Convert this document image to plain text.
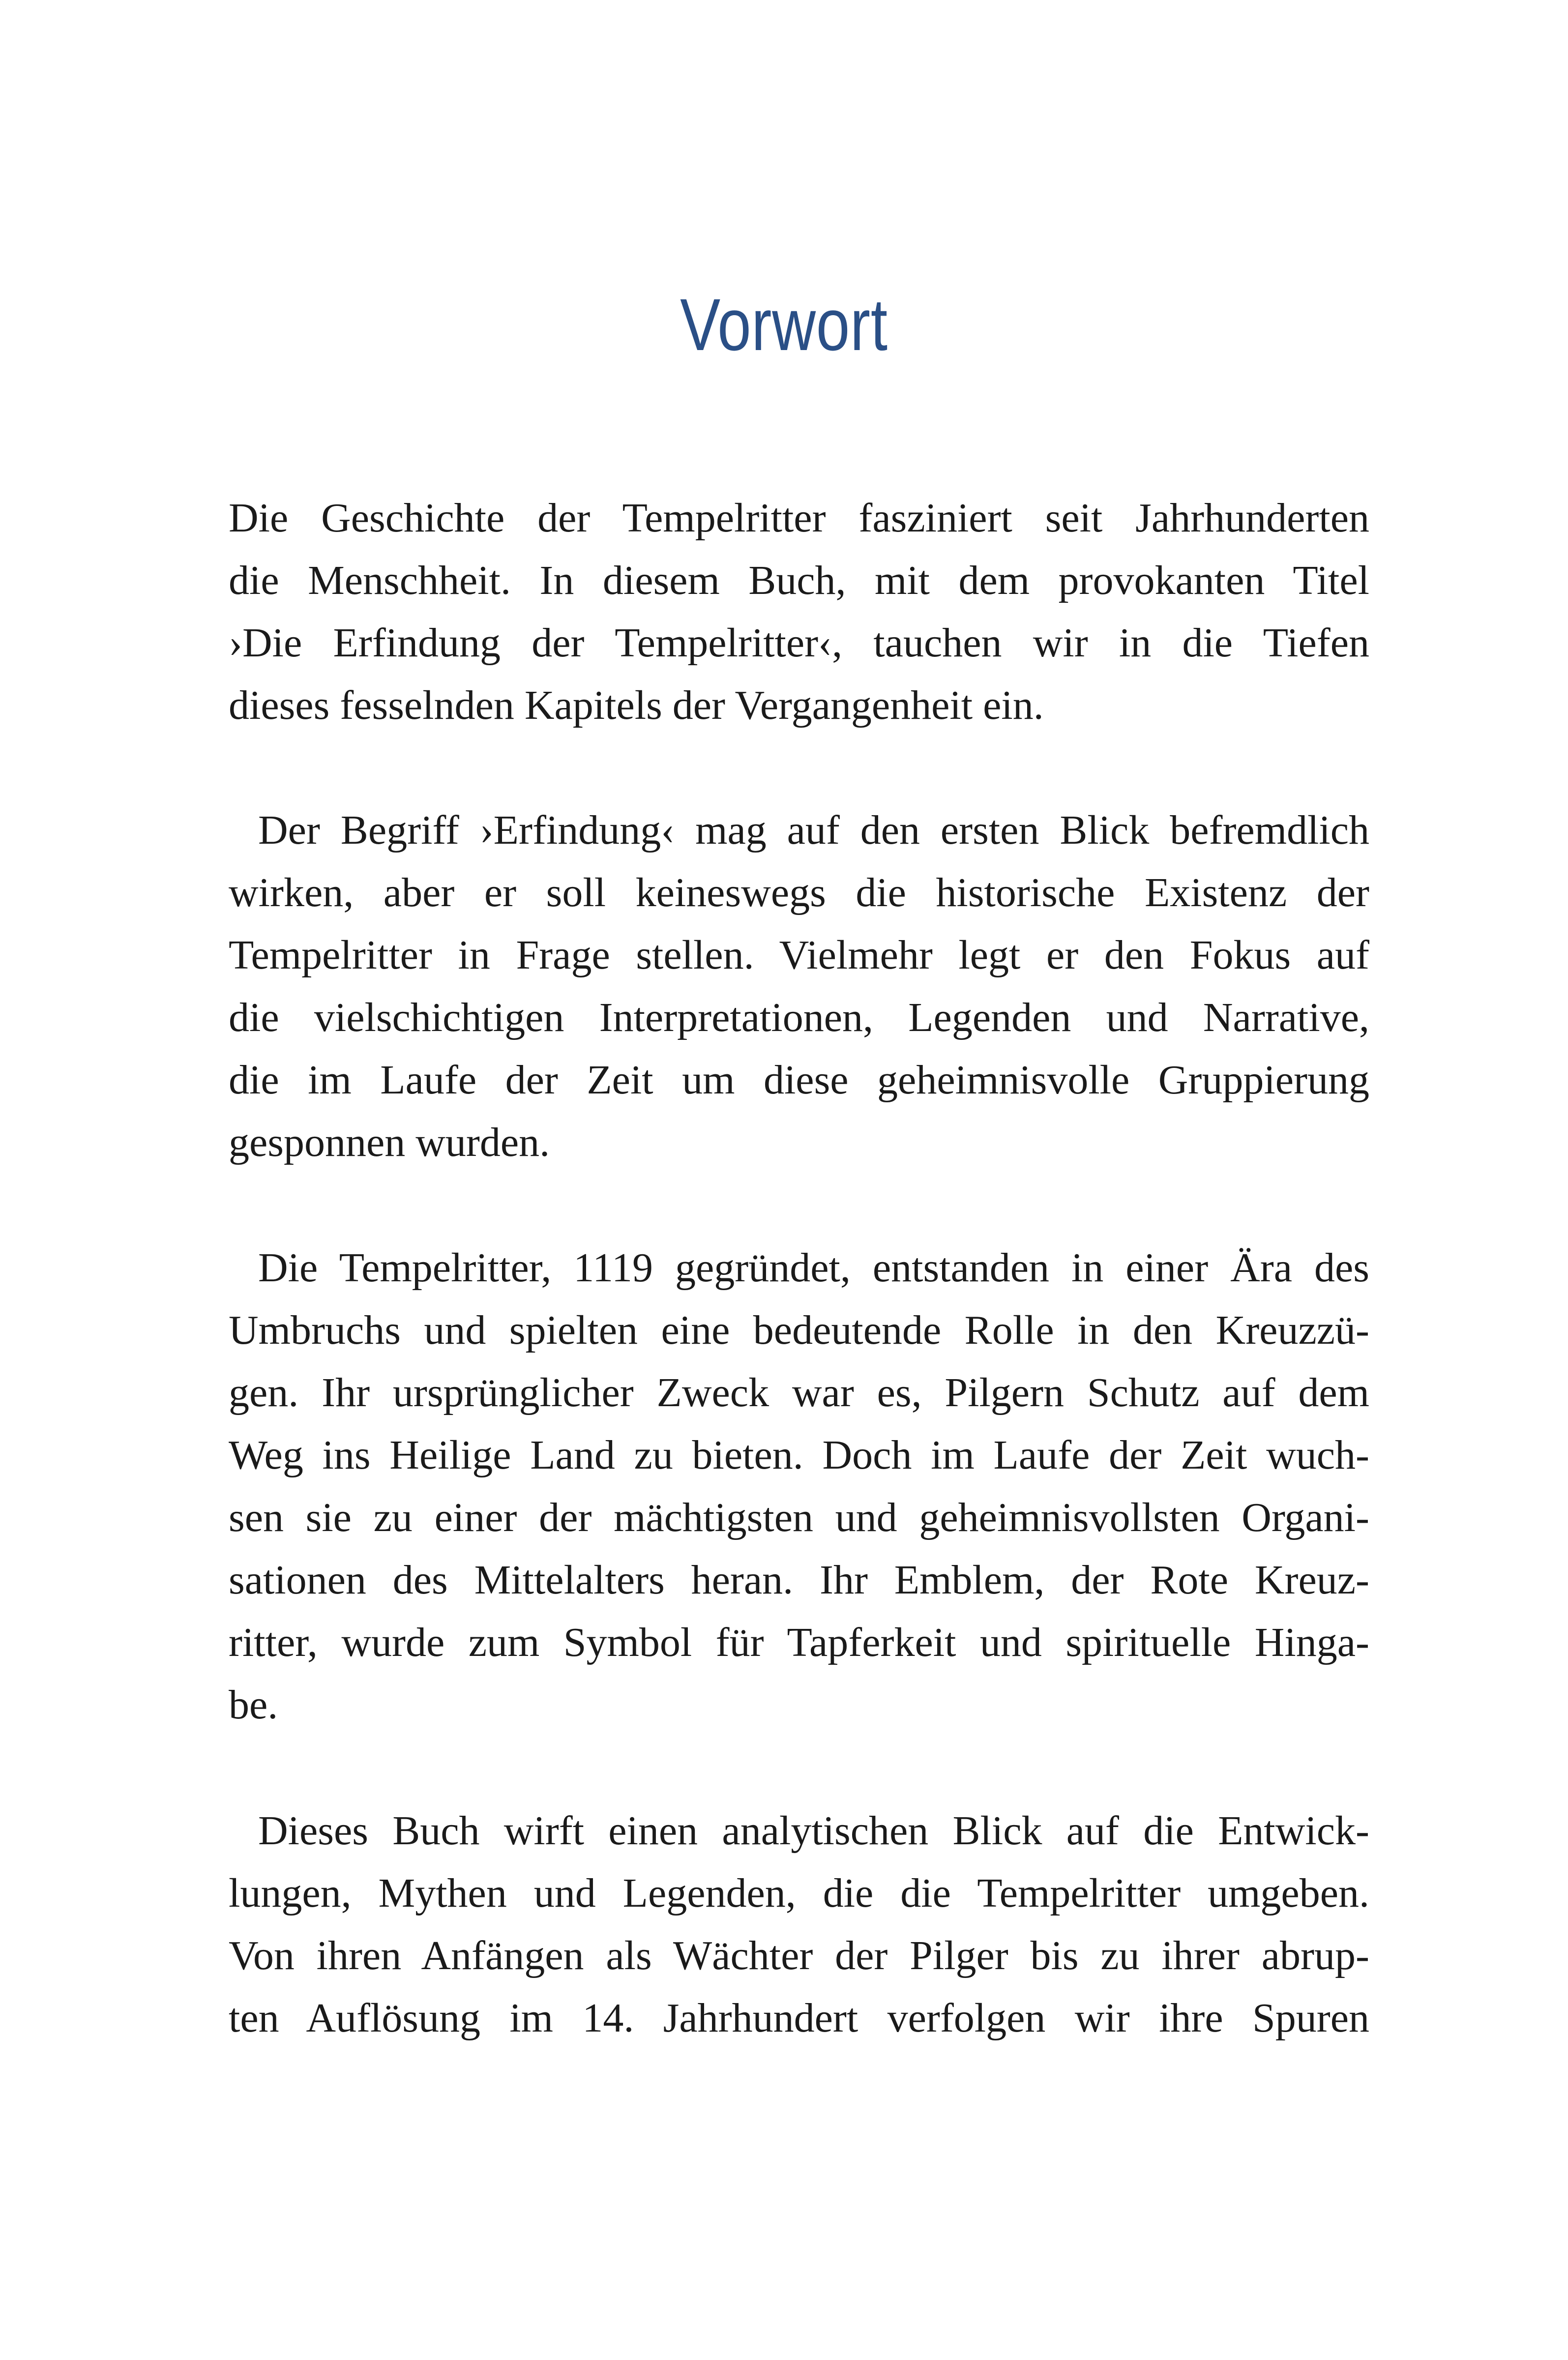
Vorwort
Die Geschichte der Tempelritter fasziniert seit Jahrhunderten
die Menschheit. In diesem Buch, mit dem provokanten Titel
›Die Erfindung der Tempelritter‹, tauchen wir in die Tiefen
dieses fesselnden Kapitels der Vergangenheit ein.
Der Begriff ›Erfindung‹ mag auf den ersten Blick befremdlich
wirken, aber er soll keineswegs die historische Existenz der
Tempelritter in Frage stellen. Vielmehr legt er den Fokus auf
die vielschichtigen Interpretationen, Legenden und Narrative,
die im Laufe der Zeit um diese geheimnisvolle Gruppierung
gesponnen wurden.
Die Tempelritter, 1119 gegründet, entstanden in einer Ära des
Umbruchs und spielten eine bedeutende Rolle in den Kreuzzü-
gen. Ihr ursprünglicher Zweck war es, Pilgern Schutz auf dem
Weg ins Heilige Land zu bieten. Doch im Laufe der Zeit wuch-
sen sie zu einer der mächtigsten und geheimnisvollsten Organi-
sationen des Mittelalters heran. Ihr Emblem, der Rote Kreuz-
ritter, wurde zum Symbol für Tapferkeit und spirituelle Hinga-
be.
Dieses Buch wirft einen analytischen Blick auf die Entwick-
lungen, Mythen und Legenden, die die Tempelritter umgeben.
Von ihren Anfängen als Wächter der Pilger bis zu ihrer abrup-
ten Auflösung im 14. Jahrhundert verfolgen wir ihre Spuren
